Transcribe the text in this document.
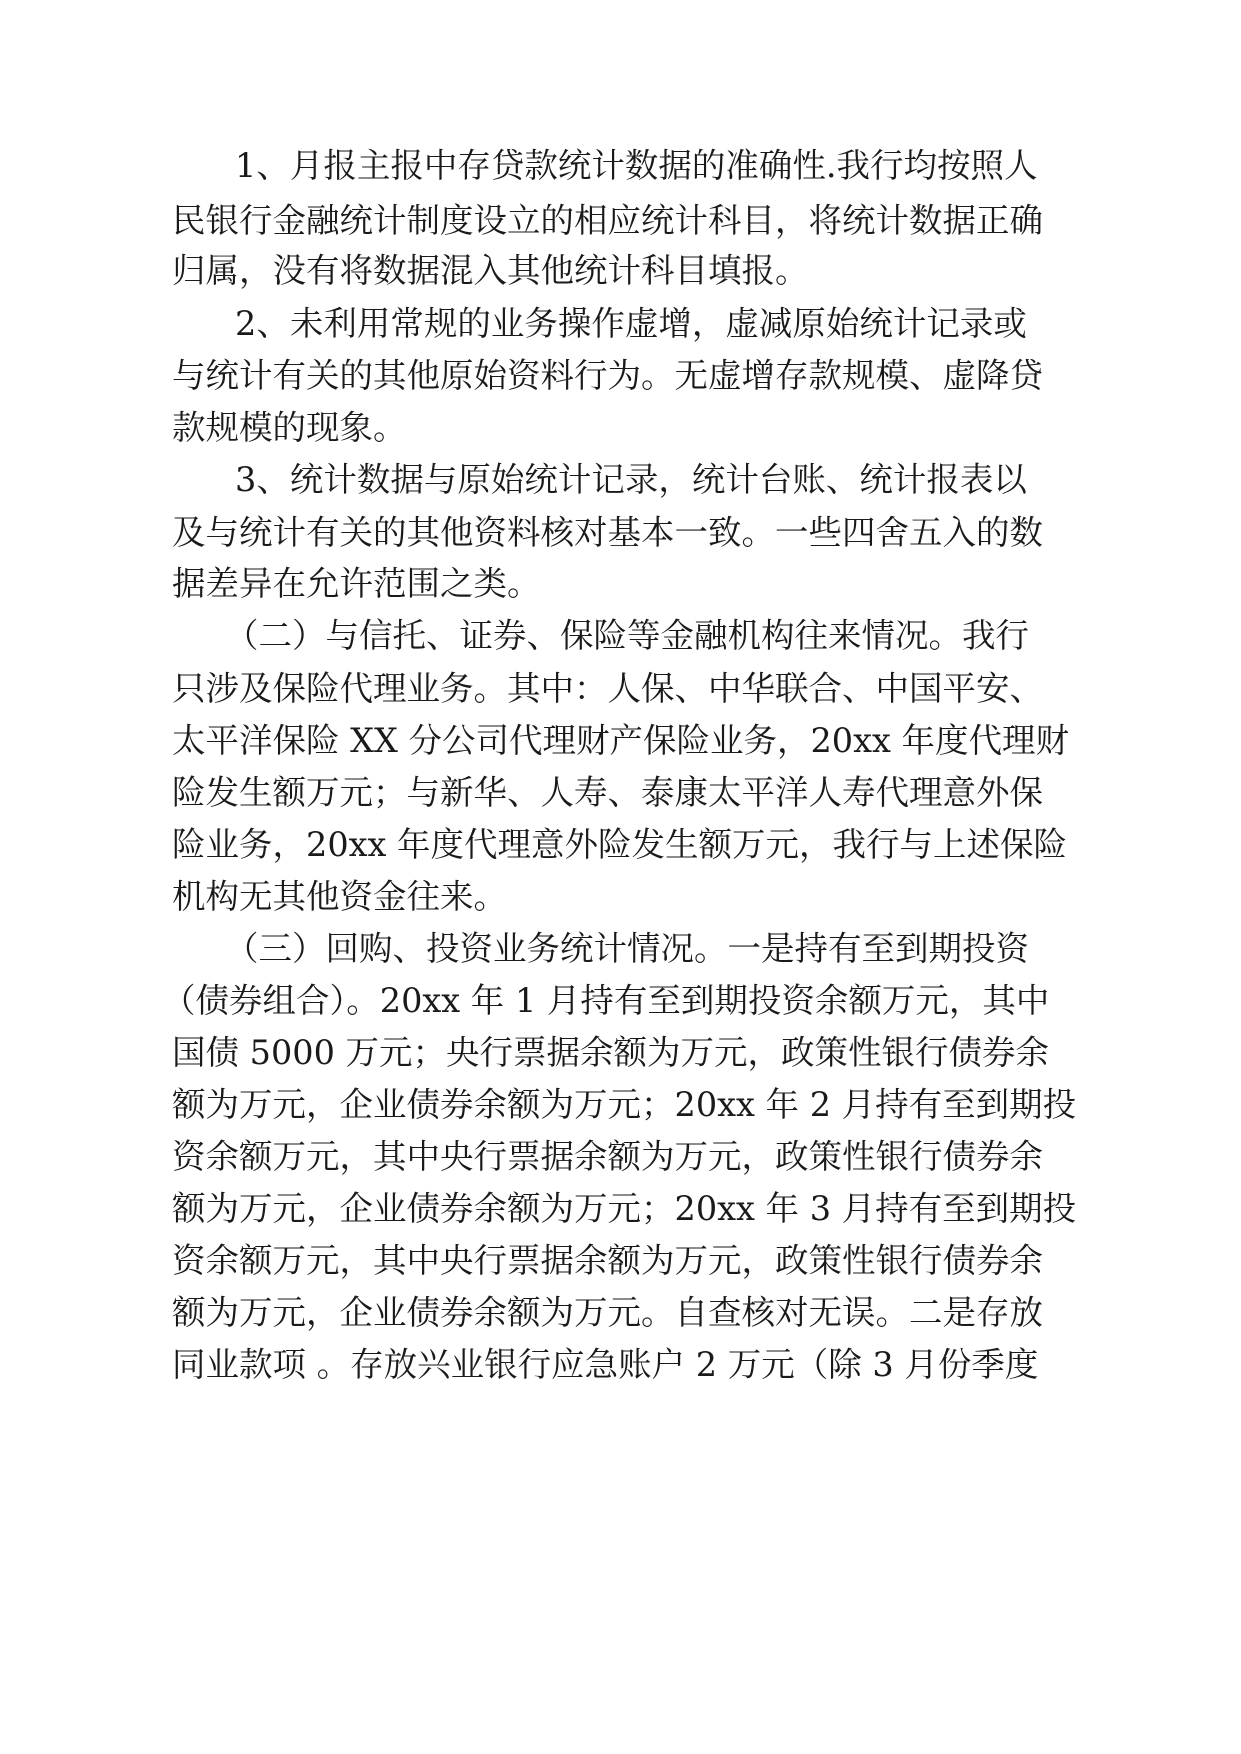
1、月报主报中存贷款统计数据的准确性.我行均按照人
民银行金融统计制度设立的相应统计科目，将统计数据正确
归属，没有将数据混入其他统计科目填报。
2、未利用常规的业务操作虚增，虚减原始统计记录或
与统计有关的其他原始资料行为。无虚增存款规模、虚降贷
款规模的现象。
3、统计数据与原始统计记录，统计台账、统计报表以
及与统计有关的其他资料核对基本一致。一些四舍五入的数
据差异在允许范围之类。
（二）与信托、证券、保险等金融机构往来情况。我行
只涉及保险代理业务。其中：人保、中华联合、中国平安、
太平洋保险 XX 分公司代理财产保险业务，20xx 年度代理财
险发生额万元；与新华、人寿、泰康太平洋人寿代理意外保
险业务，20xx 年度代理意外险发生额万元，我行与上述保险
机构无其他资金往来。
（三）回购、投资业务统计情况。一是持有至到期投资
（债券组合）。20xx 年 1 月持有至到期投资余额万元，其中
国债 5000 万元；央行票据余额为万元，政策性银行债券余
额为万元，企业债券余额为万元；20xx 年 2 月持有至到期投
资余额万元，其中央行票据余额为万元，政策性银行债券余
额为万元，企业债券余额为万元；20xx 年 3 月持有至到期投
资余额万元，其中央行票据余额为万元，政策性银行债券余
额为万元，企业债券余额为万元。自查核对无误。二是存放
同业款项 。存放兴业银行应急账户 2 万元（除 3 月份季度
